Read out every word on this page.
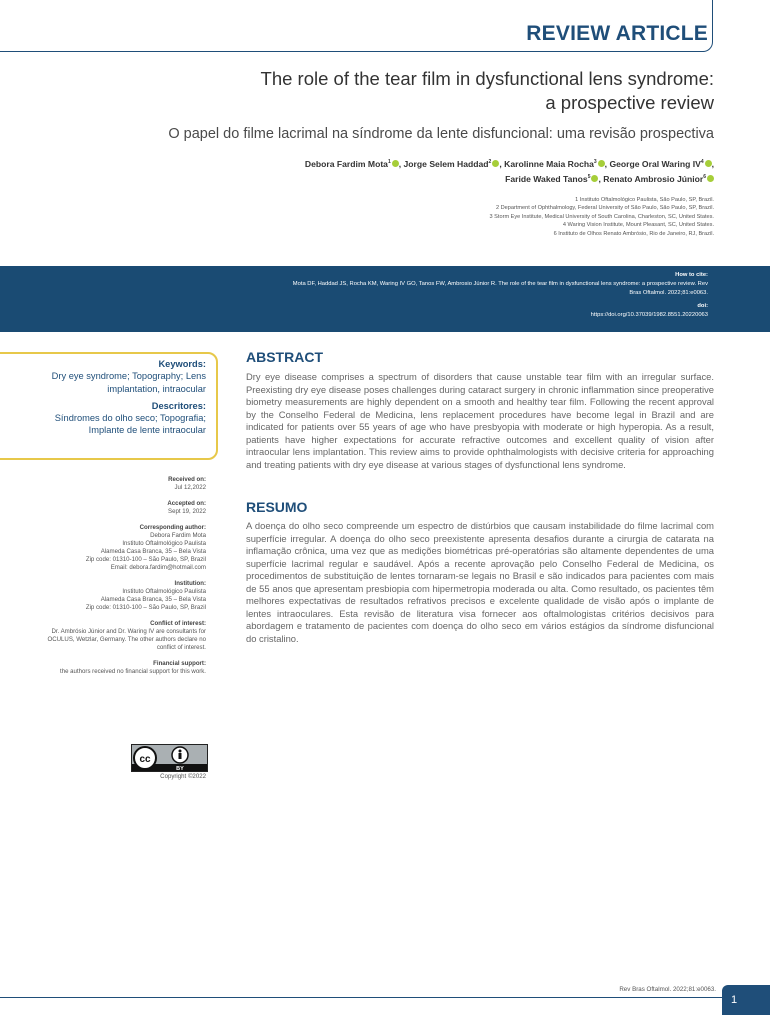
REVIEW ARTICLE
The role of the tear film in dysfunctional lens syndrome: a prospective review
O papel do filme lacrimal na síndrome da lente disfuncional: uma revisão prospectiva
Debora Fardim Mota$^1$ , Jorge Selem Haddad$^2$ , Karolinne Maia Rocha$^3$ , George Oral Waring $IV^4$ ,
Faride Waked Tanos$^5$ , Renato Ambrosio Júnior$^6$
1 Instituto Oftalmológico Paulista, São Paulo, SP, Brazil.
2 Department of Ophthalmology, Federal University of São Paulo, São Paulo, SP, Brazil.
3 Storm Eye Institute, Medical University of South Carolina, Charleston, SC, United States.
4 Waring Vision Institute, Mount Pleasant, SC, United States.
6 Instituto de Olhos Renato Ambrósio, Rio de Janeiro, RJ, Brazil.
How to cite:
Mota DF, Haddad JS, Rocha KM, Waring IV GO, Tanos FW, Ambrosio Júnior R. The role of the tear film in dysfunctional lens syndrome: a prospective review. Rev Bras Oftalmol. 2022;81:e0063.
doi:
https://doi.org/10.37039/1982.8551.20220063
Keywords:
Dry eye syndrome; Topography; Lens implantation, intraocular
Descritores:
Síndromes do olho seco; Topografia; Implante de lente intraocular
Received on:
Jul 12,2022
Accepted on:
Sept 19, 2022
Corresponding author:
Debora Fardim Mota
Instituto Oftalmológico Paulista
Alameda Casa Branca, 35 – Bela Vista
Zip code: 01310-100 – São Paulo, SP, Brazil
Email: debora.fardim@hotmail.com
Institution:
Instituto Oftalmológico Paulista
Alameda Casa Branca, 35 – Bela Vista
Zip code: 01310-100 – São Paulo, SP, Brazil
Conflict of interest:
Dr. Ambrósio Júnior and Dr. Waring IV are consultants for OCULUS, Wetzlar, Germany. The other authors declare no conflict of interest.
Financial support:
the authors received no financial support for this work.
cc
BY
Copyright ©2022
ABSTRACT
Dry eye disease comprises a spectrum of disorders that cause unstable tear film with an irregular surface. Preexisting dry eye disease poses challenges during cataract surgery in chronic inflammation since preoperative biometry measurements are highly dependent on a smooth and healthy tear film. Following the recent approval by the Conselho Federal de Medicina, lens replacement procedures have become legal in Brazil and are indicated for patients over 55 years of age who have presbyopia with moderate or high hyperopia. As a result, patients have higher expectations for accurate refractive outcomes and excellent quality of vision after intraocular lens implantation. This review aims to provide ophthalmologists with decisive criteria for approaching and treating patients with dry eye disease at various stages of dysfunctional lens syndrome.
RESUMO
A doença do olho seco compreende um espectro de distúrbios que causam instabilidade do filme lacrimal com superfície irregular. A doença do olho seco preexistente apresenta desafios durante a cirurgia de catarata na inflamação crônica, uma vez que as medições biométricas pré-operatórias são altamente dependentes de uma superfície lacrimal regular e saudável. Após a recente aprovação pelo Conselho Federal de Medicina, os procedimentos de substituição de lentes tornaram-se legais no Brasil e são indicados para pacientes com mais de 55 anos que apresentam presbiopia com hipermetropia moderada ou alta. Como resultado, os pacientes têm melhores expectativas de resultados refrativos precisos e excelente qualidade de visão após o implante de lentes intraoculares. Esta revisão de literatura visa fornecer aos oftalmologistas critérios decisivos para abordagem e tratamento de pacientes com doença do olho seco em vários estágios da síndrome disfuncional do cristalino.
Rev Bras Oftalmol. 2022;81:e0063.
1
